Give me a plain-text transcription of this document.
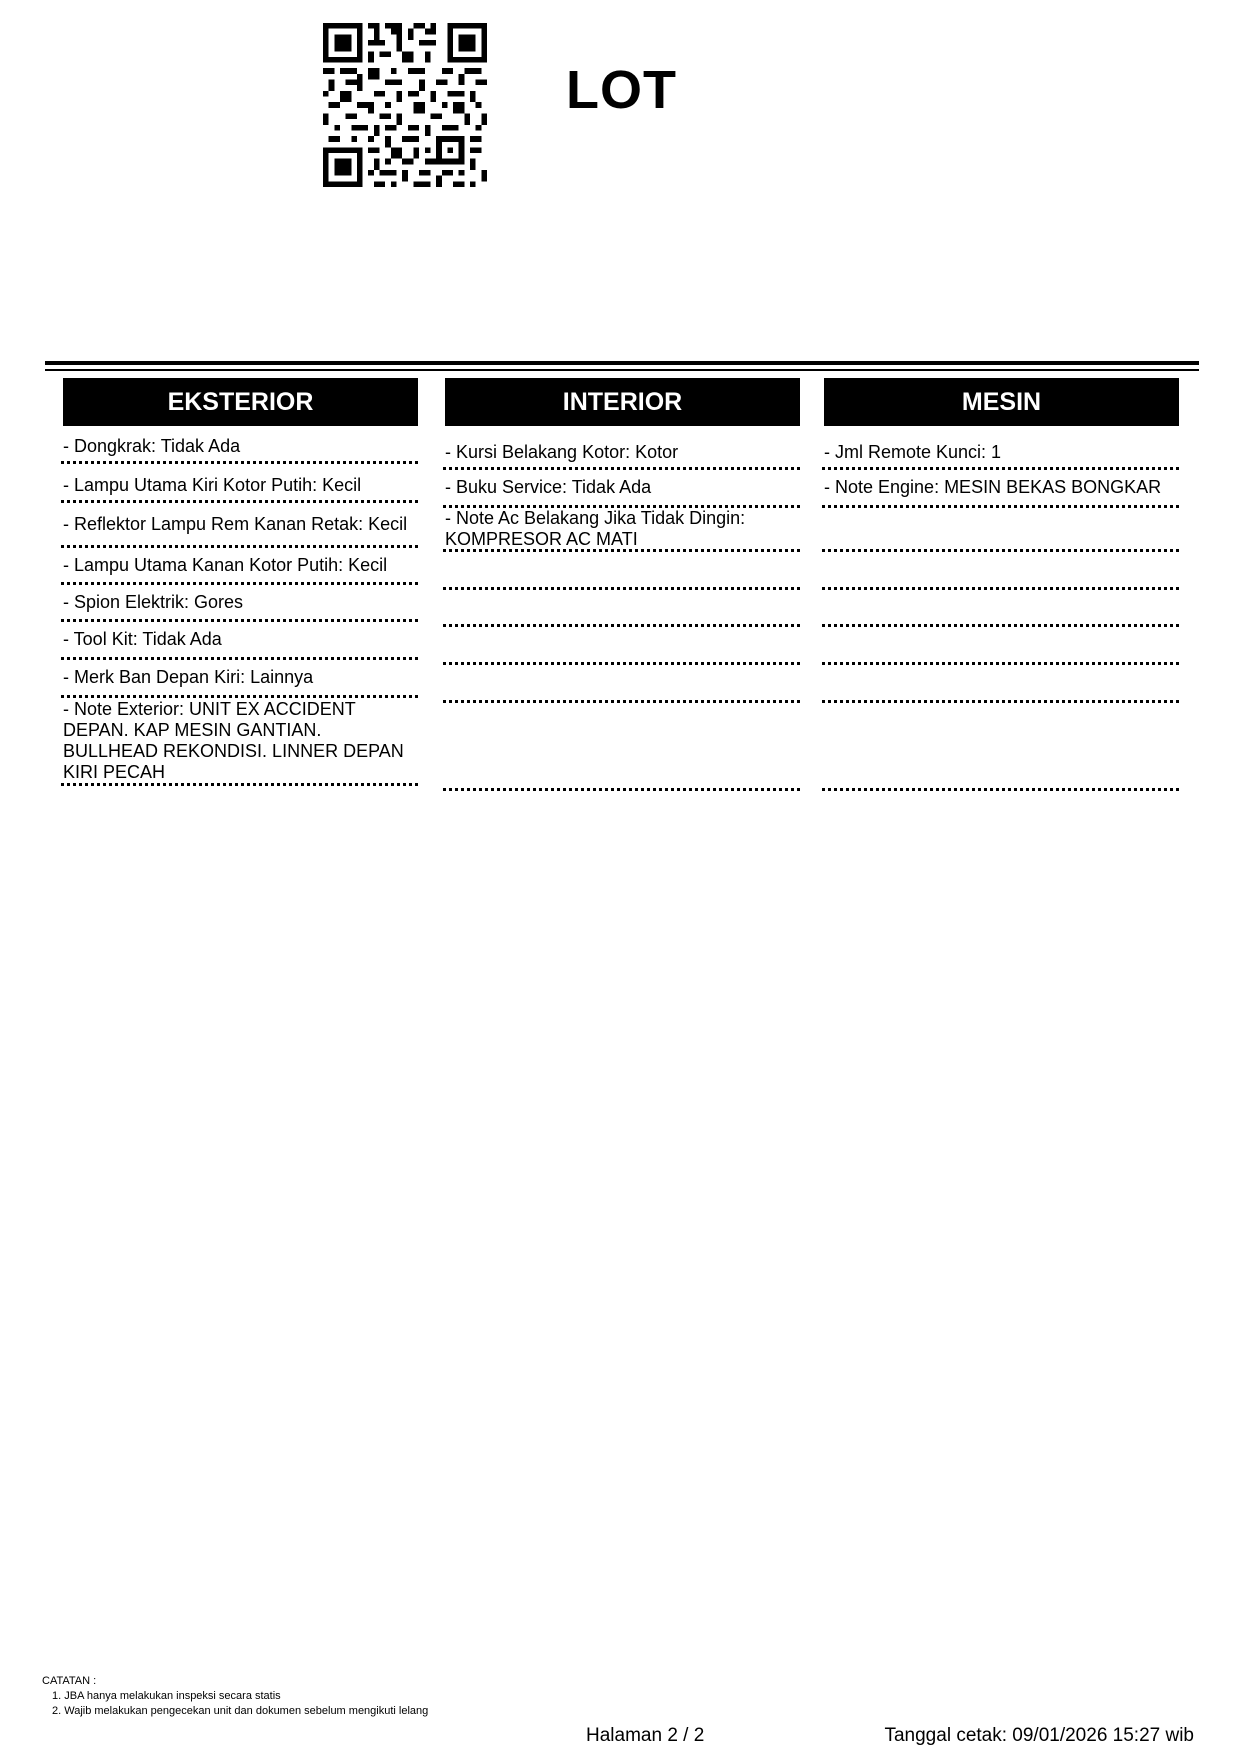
LOT
EKSTERIOR
- Dongkrak: Tidak Ada
- Lampu Utama Kiri Kotor Putih: Kecil
- Reflektor Lampu Rem Kanan Retak: Kecil
- Lampu Utama Kanan Kotor Putih: Kecil
- Spion Elektrik: Gores
- Tool Kit: Tidak Ada
- Merk Ban Depan Kiri: Lainnya
- Note Exterior: UNIT EX ACCIDENT DEPAN. KAP MESIN GANTIAN. BULLHEAD REKONDISI. LINNER DEPAN KIRI PECAH
INTERIOR
- Kursi Belakang Kotor: Kotor
- Buku Service: Tidak Ada
- Note Ac Belakang Jika Tidak Dingin: KOMPRESOR AC MATI
MESIN
- Jml Remote Kunci: 1
- Note Engine: MESIN BEKAS BONGKAR
CATATAN :
1. JBA hanya melakukan inspeksi secara statis
2. Wajib melakukan pengecekan unit dan dokumen sebelum mengikuti lelang
Halaman 2 / 2	Tanggal cetak: 09/01/2026 15:27 wib
